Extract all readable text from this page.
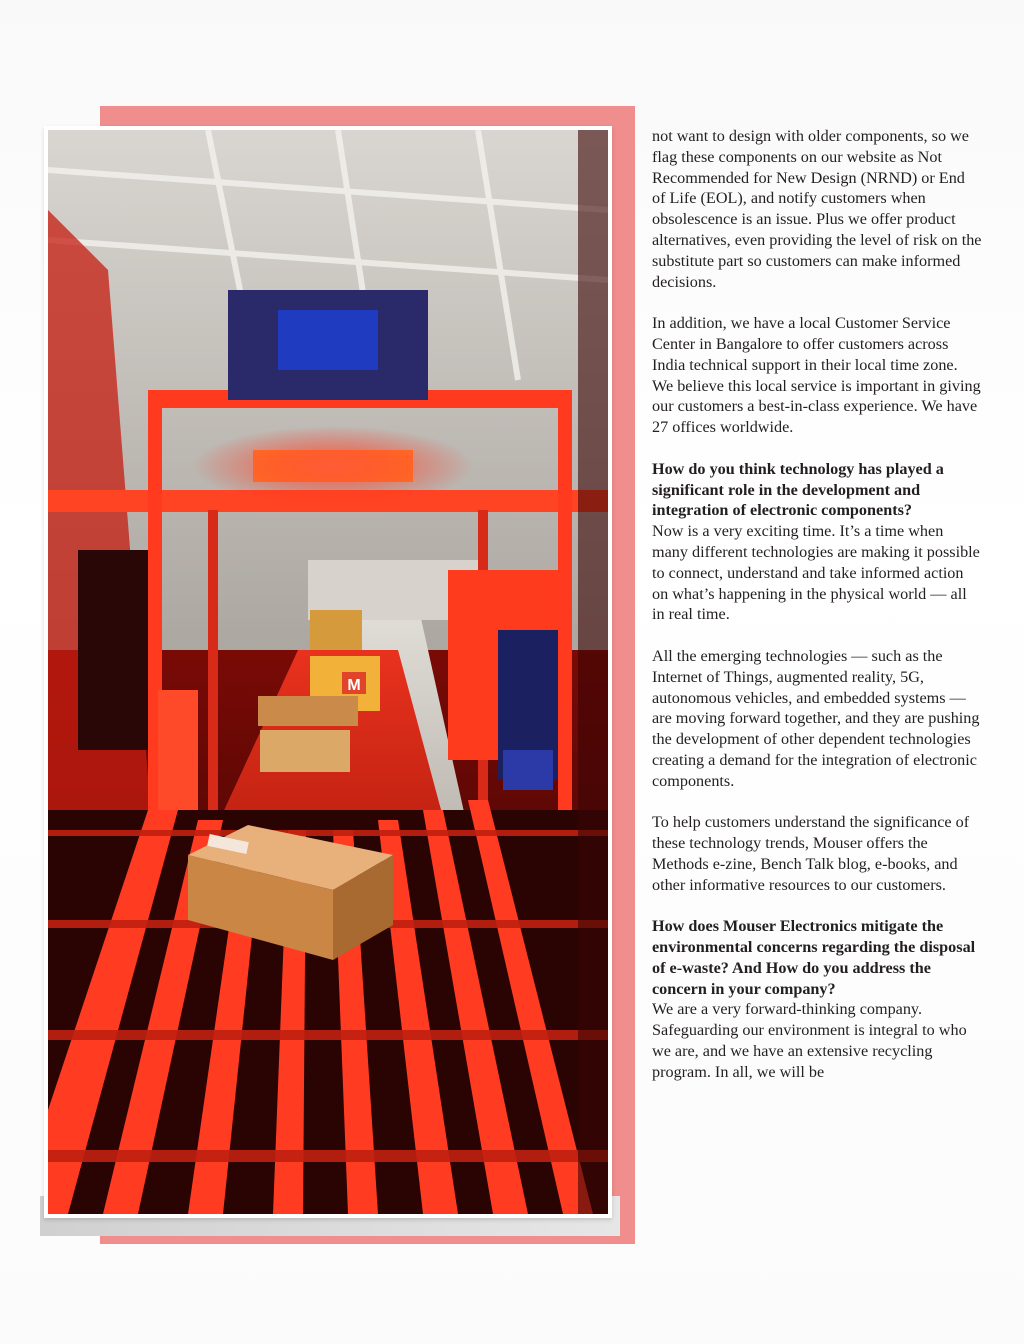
M

not want to design with older components, so we flag these components on our website as Not Recommended for New Design (NRND) or End of Life (EOL), and notify customers when obsolescence is an issue. Plus we offer product alternatives, even providing the level of risk on the substitute part so customers can make informed decisions.

In addition, we have a local Customer Service Center in Bangalore to offer customers across India technical support in their local time zone. We believe this local service is important in giving our customers a best-in-class experience. We have 27 offices worldwide.

How do you think technology has played a significant role in the development and integration of electronic components?
Now is a very exciting time. It’s a time when many different technologies are making it possible to connect, understand and take informed action on what’s happening in the physical world — all in real time.

All the emerging technologies — such as the Internet of Things, augmented reality, 5G, autonomous vehicles, and embedded systems — are moving forward together, and they are pushing the development of other dependent technologies creating a demand for the integration of electronic components.

To help customers understand the significance of these technology trends, Mouser offers the Methods e-zine, Bench Talk blog, e-books, and other informative resources to our customers.

How does Mouser Electronics mitigate the environmental concerns regarding the disposal of e-waste? And How do you address the concern in your company?
We are a very forward-thinking company. Safeguarding our environment is integral to who we are, and we have an extensive recycling program. In all, we will be
